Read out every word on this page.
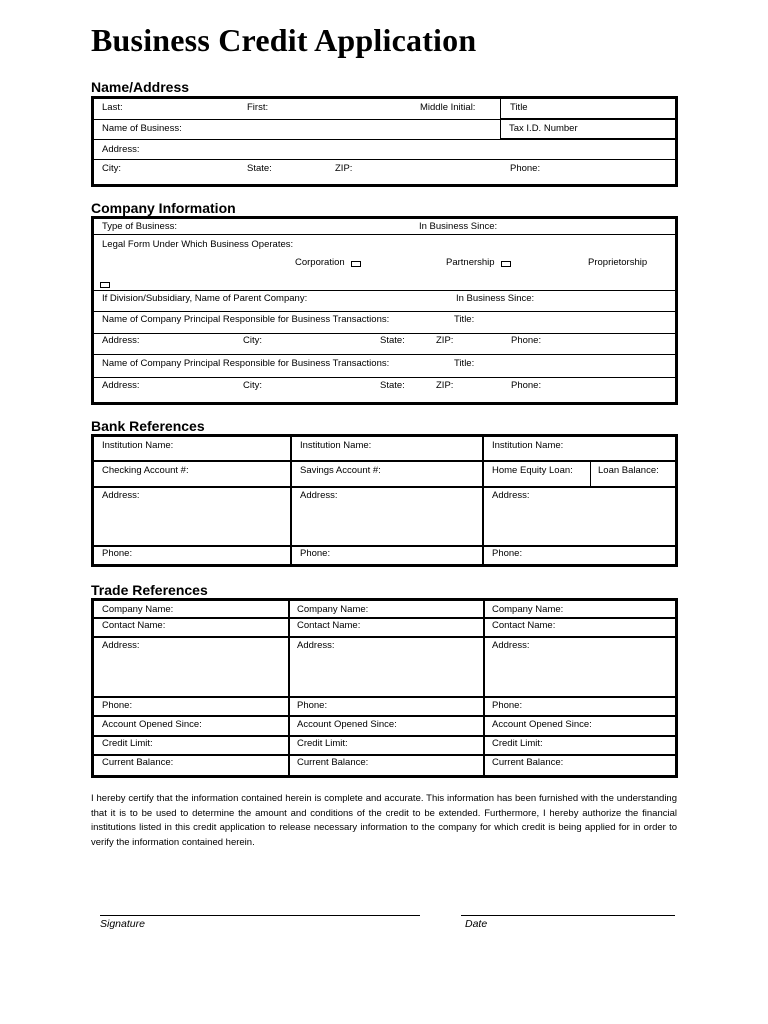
Business Credit Application
Name/Address
Last:	First:	Middle Initial:	Title
Name of Business:	Tax I.D. Number
Address:
City:	State:	ZIP:	Phone:
Company Information
Type of Business:	In Business Since:
Legal Form Under Which Business Operates:
Corporation	Partnership	Proprietorship
If Division/Subsidiary, Name of Parent Company:	In Business Since:
Name of Company Principal Responsible for Business Transactions:	Title:
Address:	City:	State:	ZIP:	Phone:
Name of Company Principal Responsible for Business Transactions:	Title:
Address:	City:	State:	ZIP:	Phone:
Bank References
Institution Name:	Institution Name:	Institution Name:
Checking Account #:	Savings Account #:	Home Equity Loan:	Loan Balance:
Address:	Address:	Address:
Phone:	Phone:	Phone:
Trade References
Company Name:	Company Name:	Company Name:
Contact Name:	Contact Name:	Contact Name:
Address:	Address:	Address:
Phone:	Phone:	Phone:
Account Opened Since:	Account Opened Since:	Account Opened Since:
Credit Limit:	Credit Limit:	Credit Limit:
Current Balance:	Current Balance:	Current Balance:

I hereby certify that the information contained herein is complete and accurate. This information has been furnished with the understanding that it is to be used to determine the amount and conditions of the credit to be extended. Furthermore, I hereby authorize the financial institutions listed in this credit application to release necessary information to the company for which credit is being applied for in order to verify the information contained herein.

Signature	Date
